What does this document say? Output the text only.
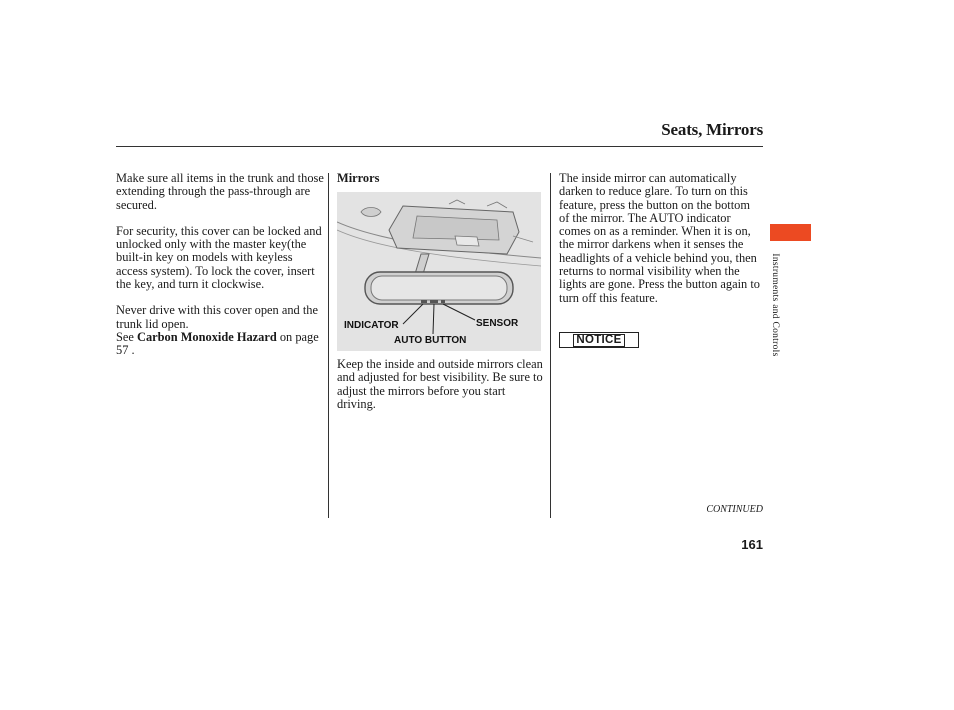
Seats, Mirrors

Make sure all items in the trunk and those extending through the pass-through are secured.

For security, this cover can be locked and unlocked only with the master key(the built-in key on models with keyless access system). To lock the cover, insert the key, and turn it clockwise.

Never drive with this cover open and the trunk lid open.
See Carbon Monoxide Hazard on page 57 .

Mirrors

Keep the inside and outside mirrors clean and adjusted for best visibility. Be sure to adjust the mirrors before you start driving.

INDICATOR	SENSOR
AUTO BUTTON

The inside mirror can automatically darken to reduce glare. To turn on this feature, press the button on the bottom of the mirror. The AUTO indicator comes on as a reminder. When it is on, the mirror darkens when it senses the headlights of a vehicle behind you, then returns to normal visibility when the lights are gone. Press the button again to turn off this feature.

NOTICE	Instruments and Controls
CONTINUED
161
